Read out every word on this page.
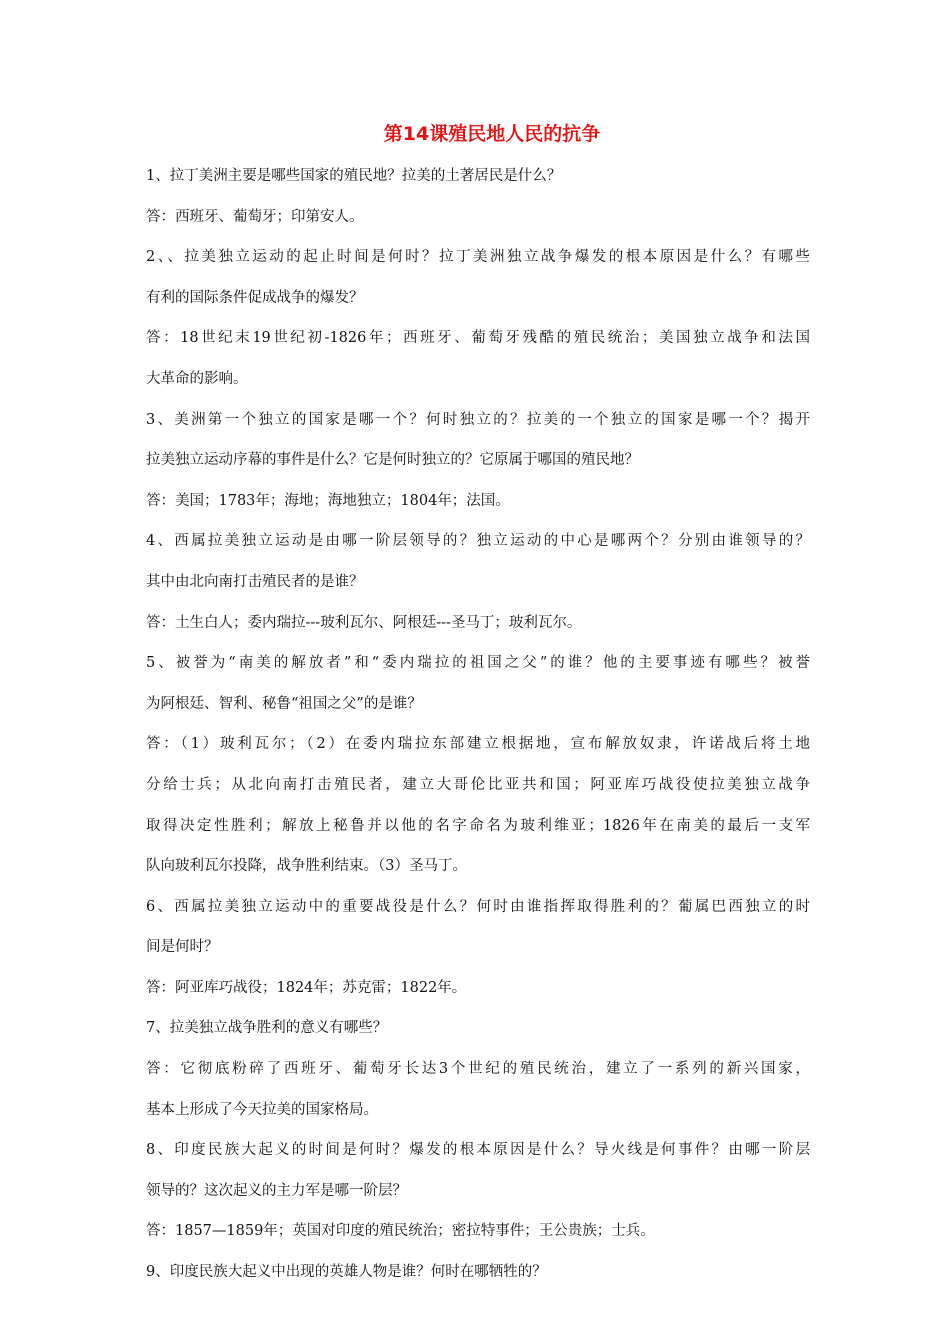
第14课殖民地人民的抗争
1、拉丁美洲主要是哪些国家的殖民地？拉美的土著居民是什么？
答：西班牙、葡萄牙；印第安人。
2、、拉美独立运动的起止时间是何时？拉丁美洲独立战争爆发的根本原因是什么？有哪些
有利的国际条件促成战争的爆发？
答：18世纪末19世纪初-1826年；西班牙、葡萄牙残酷的殖民统治；美国独立战争和法国
大革命的影响。
3、美洲第一个独立的国家是哪一个？何时独立的？拉美的一个独立的国家是哪一个？揭开
拉美独立运动序幕的事件是什么？它是何时独立的？它原属于哪国的殖民地？
答：美国；1783年；海地；海地独立；1804年；法国。
4、西属拉美独立运动是由哪一阶层领导的？独立运动的中心是哪两个？分别由谁领导的？
其中由北向南打击殖民者的是谁？
答：土生白人；委内瑞拉---玻利瓦尔、阿根廷---圣马丁；玻利瓦尔。
5、被誉为“南美的解放者”和“委内瑞拉的祖国之父”的谁？他的主要事迹有哪些？被誉
为阿根廷、智利、秘鲁“祖国之父”的是谁？
答：（1）玻利瓦尔；（2）在委内瑞拉东部建立根据地，宣布解放奴隶，许诺战后将土地
分给士兵；从北向南打击殖民者，建立大哥伦比亚共和国；阿亚库巧战役使拉美独立战争
取得决定性胜利；解放上秘鲁并以他的名字命名为玻利维亚；1826年在南美的最后一支军
队向玻利瓦尔投降，战争胜利结束。（3）圣马丁。
6、西属拉美独立运动中的重要战役是什么？何时由谁指挥取得胜利的？葡属巴西独立的时
间是何时？
答：阿亚库巧战役；1824年；苏克雷；1822年。
7、拉美独立战争胜利的意义有哪些？
答：它彻底粉碎了西班牙、葡萄牙长达3个世纪的殖民统治，建立了一系列的新兴国家，
基本上形成了今天拉美的国家格局。
8、印度民族大起义的时间是何时？爆发的根本原因是什么？导火线是何事件？由哪一阶层
领导的？这次起义的主力军是哪一阶层？
答：1857—1859年；英国对印度的殖民统治；密拉特事件；王公贵族；士兵。
9、印度民族大起义中出现的英雄人物是谁？何时在哪牺牲的？
